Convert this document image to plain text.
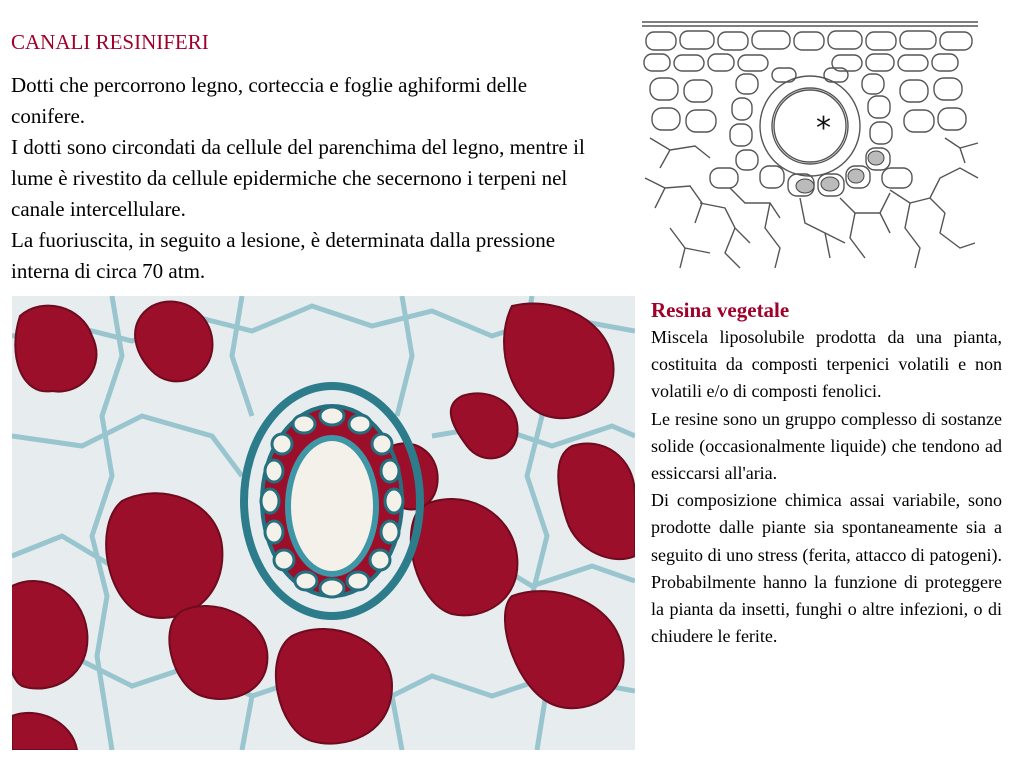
CANALI RESINIFERI

Dotti che percorrono legno, corteccia e foglie aghiformi delle conifere.

I dotti sono circondati da cellule del parenchima del legno, mentre il lume è rivestito da cellule epidermiche che secernono i terpeni nel canale intercellulare.

La fuoriuscita, in seguito a lesione, è determinata dalla pressione interna di circa 70 atm.

*
Resina vegetale

Miscela liposolubile prodotta da una pianta, costituita da composti terpenici volatili e non volatili e/o di composti fenolici.

Le resine sono un gruppo complesso di sostanze solide (occasionalmente liquide) che tendono ad essiccarsi all'aria.

Di composizione chimica assai variabile, sono prodotte dalle piante sia spontaneamente sia a seguito di uno stress (ferita, attacco di patogeni). Probabilmente hanno la funzione di proteggere la pianta da insetti, funghi o altre infezioni, o di chiudere le ferite.
